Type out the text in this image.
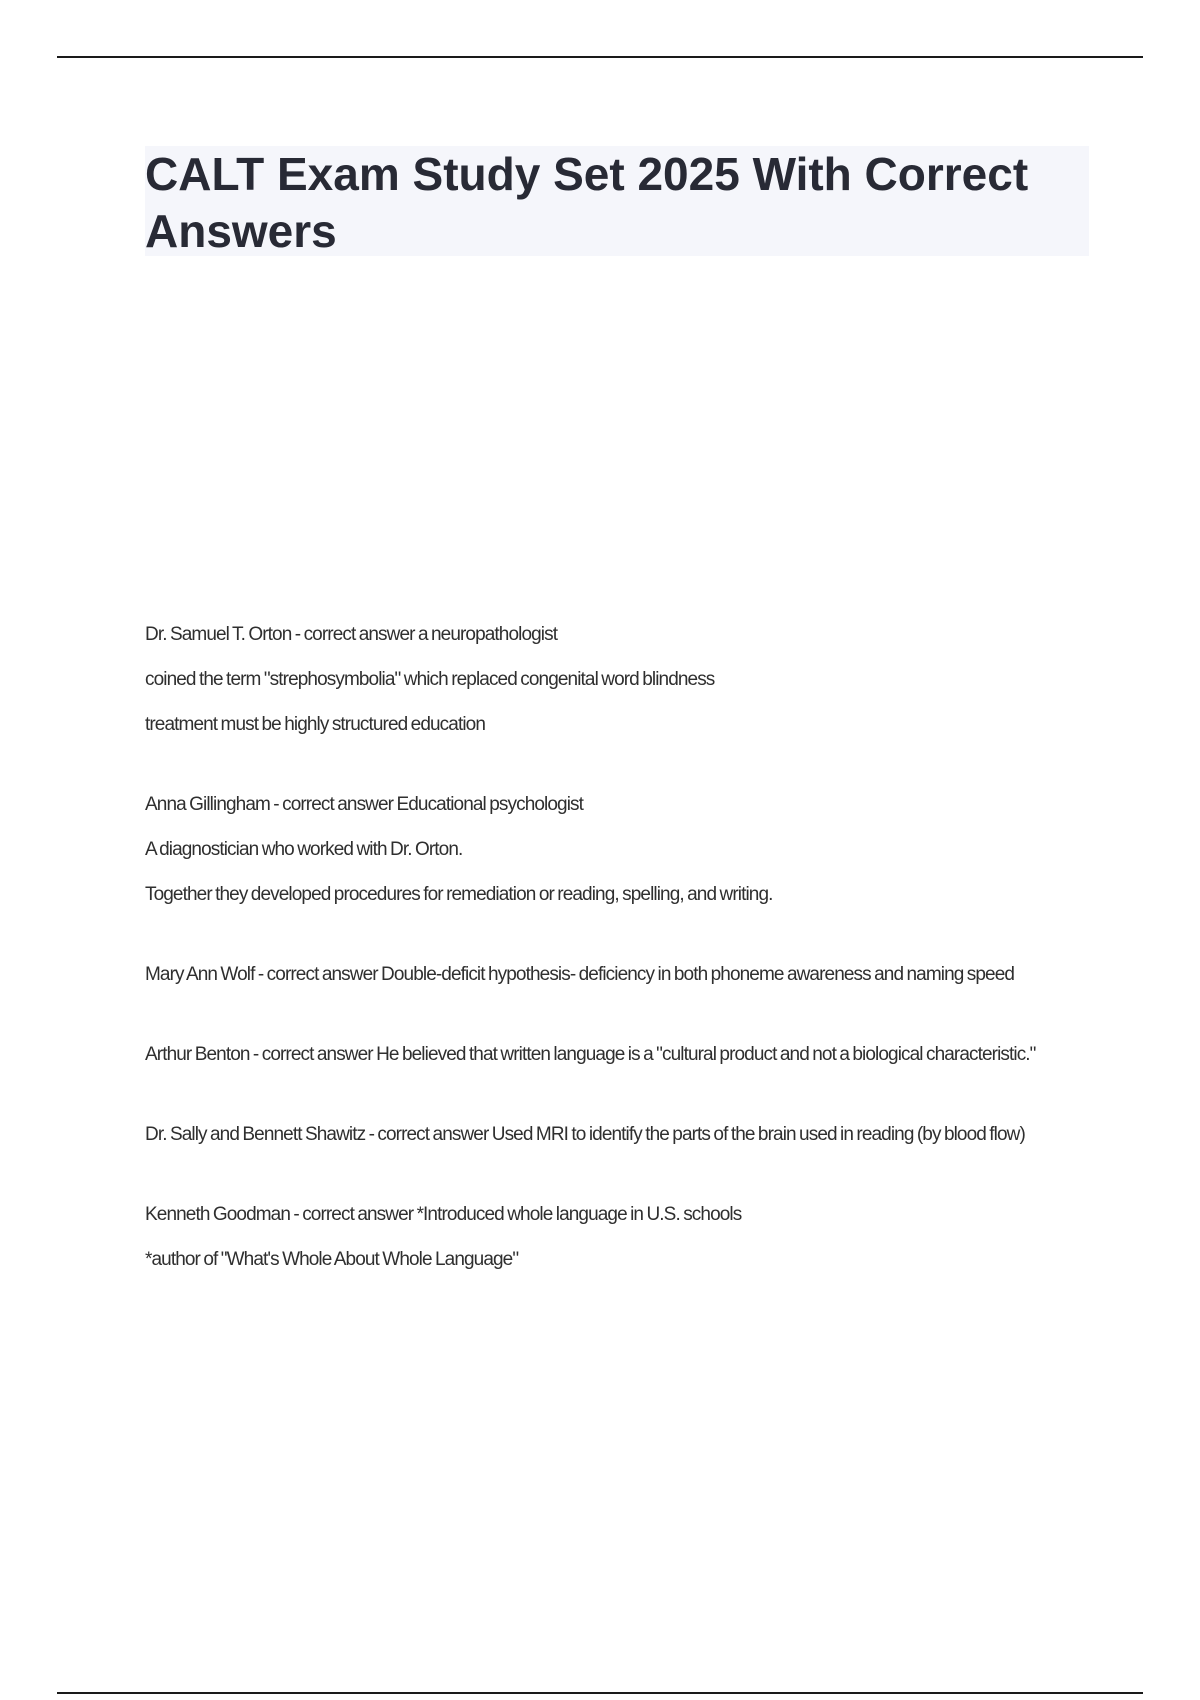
CALT Exam Study Set 2025 With Correct Answers

Dr. Samuel T. Orton - correct answer a neuropathologist

coined the term "strephosymbolia" which replaced congenital word blindness

treatment must be highly structured education

Anna Gillingham - correct answer Educational psychologist

A diagnostician who worked with Dr. Orton.

Together they developed procedures for remediation or reading, spelling, and writing.

Mary Ann Wolf - correct answer Double-deficit hypothesis- deficiency in both phoneme awareness and naming speed

Arthur Benton - correct answer He believed that written language is a "cultural product and not a biological characteristic."

Dr. Sally and Bennett Shawitz - correct answer Used MRI to identify the parts of the brain used in reading (by blood flow)

Kenneth Goodman - correct answer *Introduced whole language in U.S. schools

*author of "What's Whole About Whole Language"
